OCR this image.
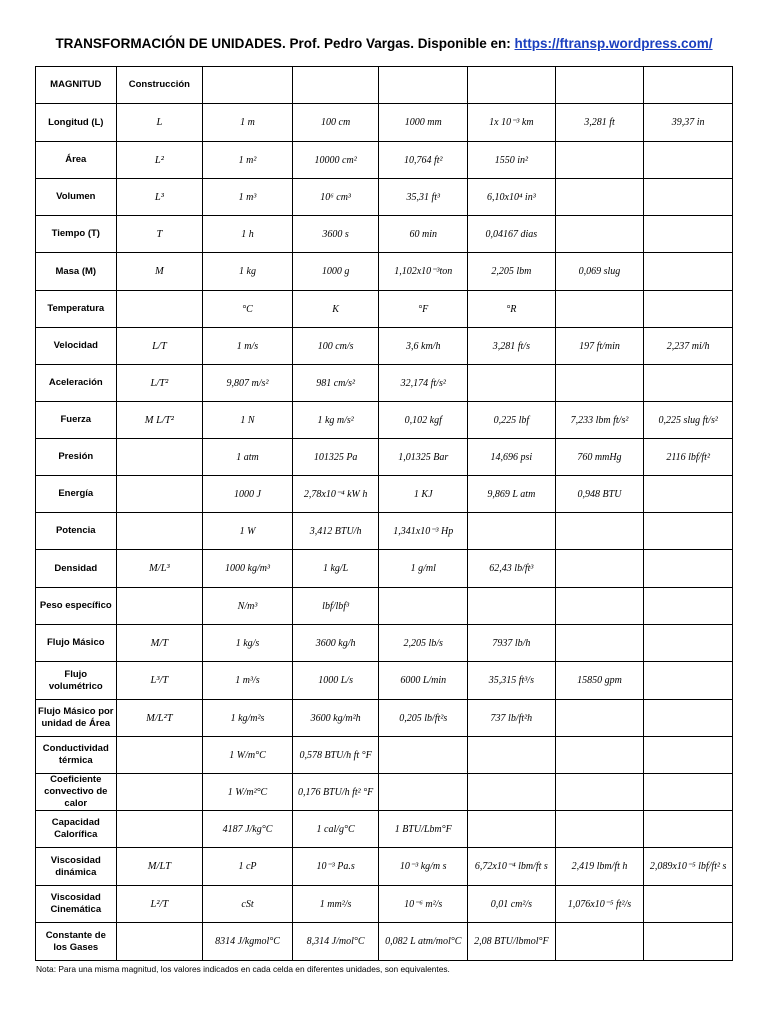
TRANSFORMACIÓN DE UNIDADES. Prof. Pedro Vargas. Disponible en: https://ftransp.wordpress.com/
MAGNITUD	Construcción						
Longitud (L)	L	1 m	100 cm	1000 mm	1x 10⁻³ km	3,281 ft	39,37 in
Área	L²	1 m²	10000 cm²	10,764 ft²	1550 in²		
Volumen	L³	1 m³	10⁶ cm³	35,31 ft³	6,10x10⁴ in³		
Tiempo (T)	T	1 h	3600 s	60 min	0,04167 dias		
Masa (M)	M	1 kg	1000 g	1,102x10⁻³ton	2,205 lbm	0,069 slug	
Temperatura		°C	K	°F	°R		
Velocidad	L/T	1 m/s	100 cm/s	3,6 km/h	3,281 ft/s	197 ft/min	2,237 mi/h
Aceleración	L/T²	9,807 m/s²	981 cm/s²	32,174 ft/s²			
Fuerza	M L/T²	1 N	1 kg m/s²	0,102 kgf	0,225 lbf	7,233 lbm ft/s²	0,225 slug ft/s²
Presión		1 atm	101325 Pa	1,01325 Bar	14,696 psi	760 mmHg	2116 lbf/ft²
Energía		1000 J	2,78x10⁻⁴ kW h	1 KJ	9,869 L atm	0,948 BTU	
Potencia		1 W	3,412 BTU/h	1,341x10⁻³ Hp			
Densidad	M/L³	1000 kg/m³	1 kg/L	1 g/ml	62,43 lb/ft³		
Peso específico		N/m³	lbf/lbf³				
Flujo Másico	M/T	1 kg/s	3600 kg/h	2,205 lb/s	7937 lb/h		
Flujo volumétrico	L³/T	1 m³/s	1000 L/s	6000 L/min	35,315 ft³/s	15850 gpm	
Flujo Másico por unidad de Área	M/L²T	1 kg/m²s	3600 kg/m²h	0,205 lb/ft²s	737 lb/ft²h		
Conductividad térmica		1 W/m°C	0,578 BTU/h ft °F				
Coeficiente convectivo de calor		1 W/m²°C	0,176 BTU/h ft² °F				
Capacidad Calorífica		4187 J/kg°C	1 cal/g°C	1 BTU/Lbm°F			
Viscosidad dinámica	M/LT	1 cP	10⁻³ Pa.s	10⁻³ kg/m s	6,72x10⁻⁴ lbm/ft s	2,419 lbm/ft h	2,089x10⁻⁵ lbf/ft² s
Viscosidad Cinemática	L²/T	cSt	1 mm²/s	10⁻⁶ m²/s	0,01 cm²/s	1,076x10⁻⁵ ft²/s	
Constante de los Gases		8314 J/kgmol°C	8,314 J/mol°C	0,082 L atm/mol°C	2,08 BTU/lbmol°F		
Nota: Para una misma magnitud, los valores indicados en cada celda en diferentes unidades, son equivalentes.
